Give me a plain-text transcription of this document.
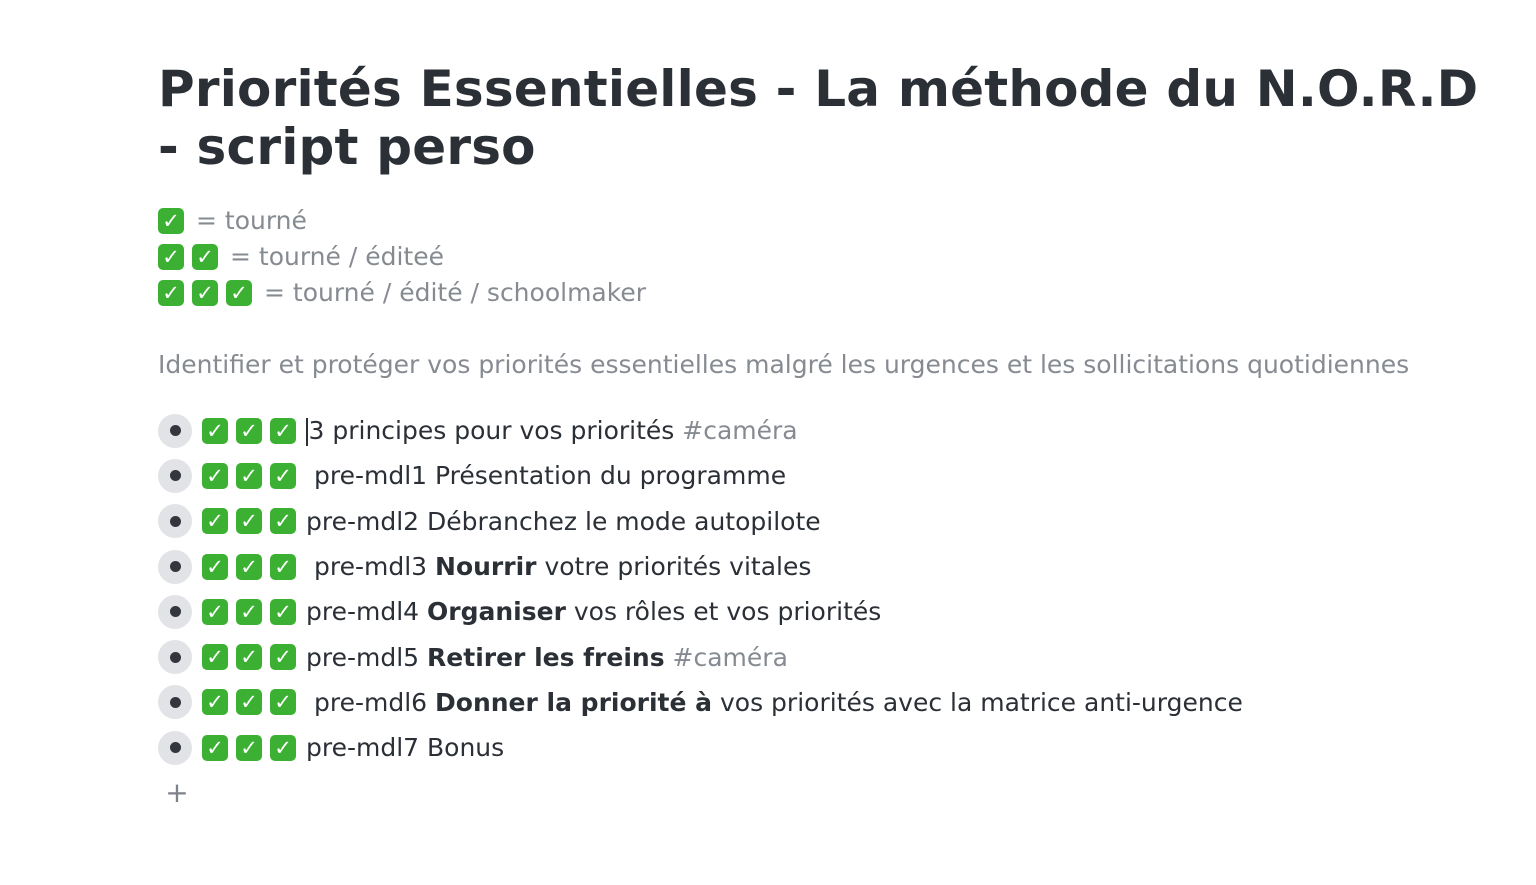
Priorités Essentielles - La méthode du N.O.R.D - script perso
✓ = tourné
✓ ✓ = tourné / éditeé
✓ ✓ ✓ = tourné / édité / schoolmaker
Identifier et protéger vos priorités essentielles malgré les urgences et les sollicitations quotidiennes
✓ ✓ ✓ 3 principes pour vos priorités #caméra
✓ ✓ ✓ pre-mdl1 Présentation du programme
✓ ✓ ✓ pre-mdl2 Débranchez le mode autopilote
✓ ✓ ✓ pre-mdl3 Nourrir votre priorités vitales
✓ ✓ ✓ pre-mdl4 Organiser vos rôles et vos priorités
✓ ✓ ✓ pre-mdl5 Retirer les freins #caméra
✓ ✓ ✓ pre-mdl6 Donner la priorité à vos priorités avec la matrice anti-urgence
✓ ✓ ✓ pre-mdl7 Bonus
+
